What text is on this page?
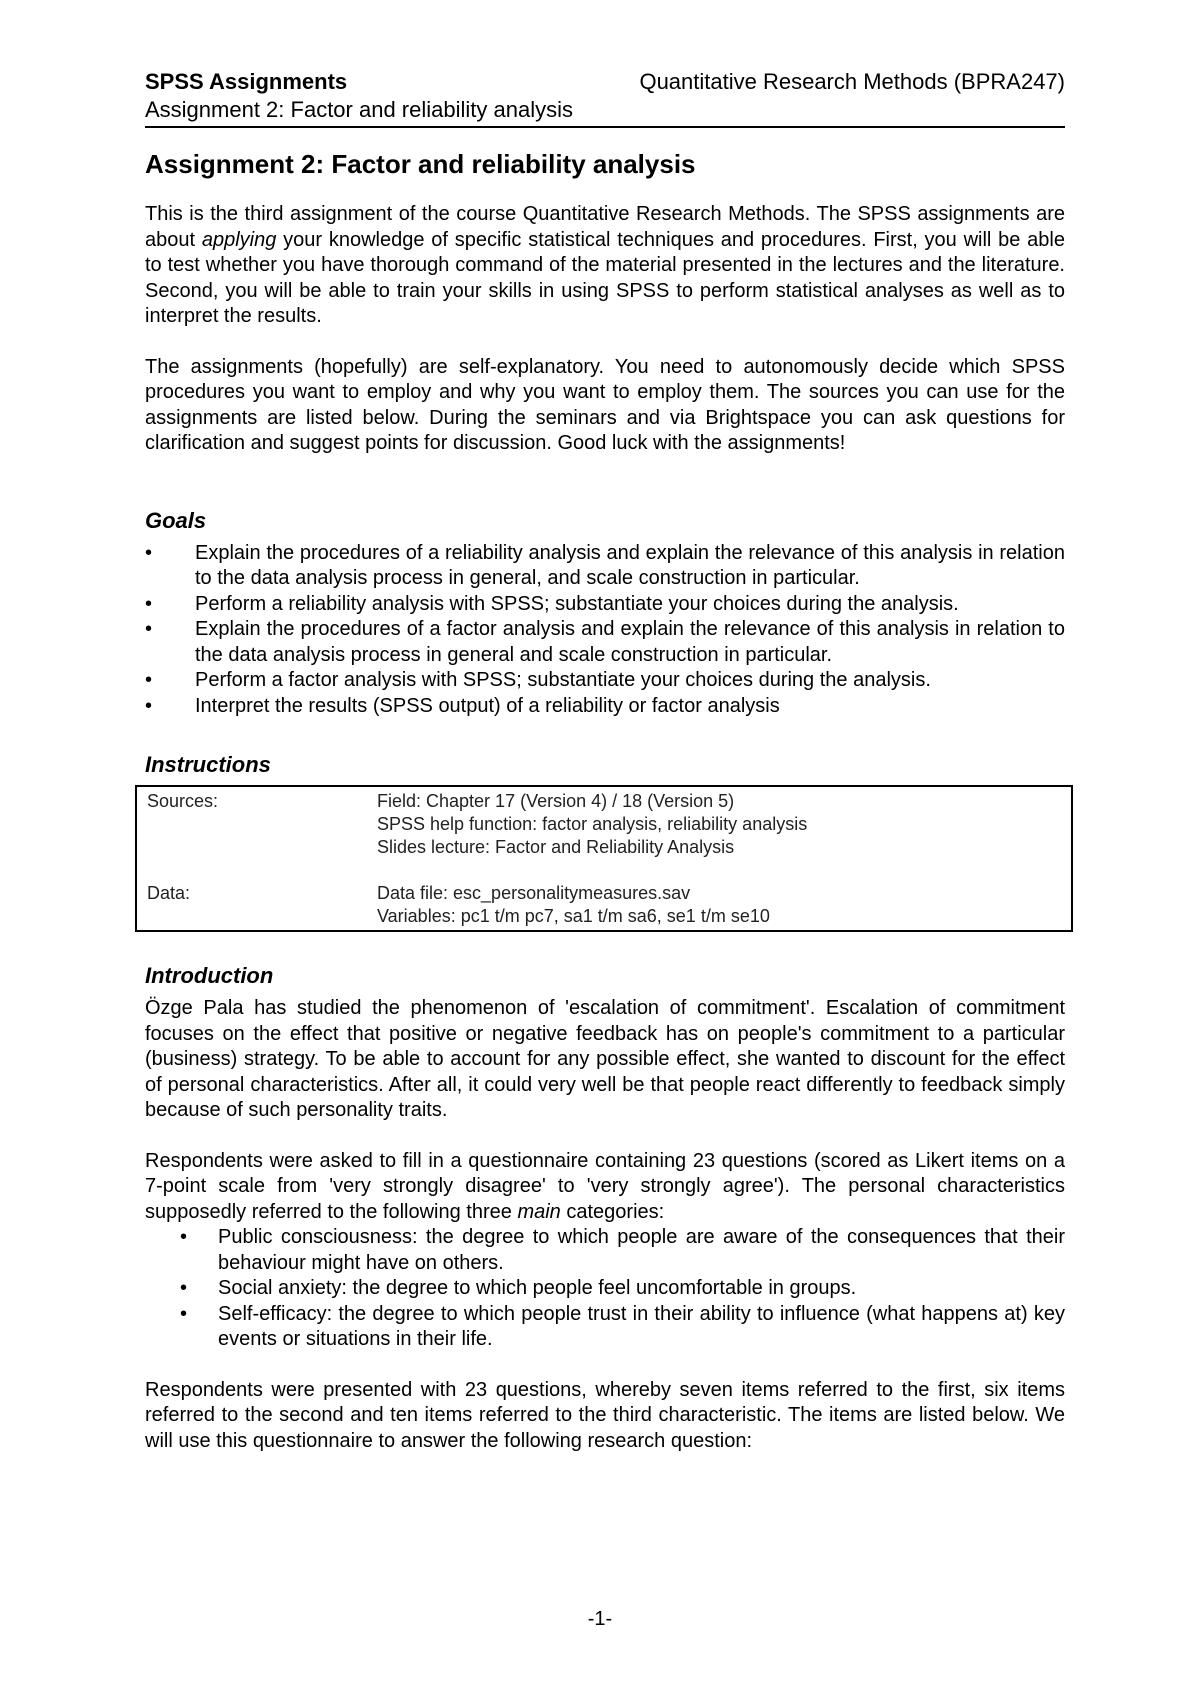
SPSS Assignments	Quantitative Research Methods (BPRA247)
Assignment 2: Factor and reliability analysis
Assignment 2: Factor and reliability analysis

This is the third assignment of the course Quantitative Research Methods. The SPSS assignments are about applying your knowledge of specific statistical techniques and procedures. First, you will be able to test whether you have thorough command of the material presented in the lectures and the literature. Second, you will be able to train your skills in using SPSS to perform statistical analyses as well as to interpret the results.

The assignments (hopefully) are self-explanatory. You need to autonomously decide which SPSS procedures you want to employ and why you want to employ them. The sources you can use for the assignments are listed below. During the seminars and via Brightspace you can ask questions for clarification and suggest points for discussion. Good luck with the assignments!

Goals
• Explain the procedures of a reliability analysis and explain the relevance of this analysis in relation to the data analysis process in general, and scale construction in particular.
• Perform a reliability analysis with SPSS; substantiate your choices during the analysis.
• Explain the procedures of a factor analysis and explain the relevance of this analysis in relation to the data analysis process in general and scale construction in particular.
• Perform a factor analysis with SPSS; substantiate your choices during the analysis.
• Interpret the results (SPSS output) of a reliability or factor analysis
Instructions
Sources:	Field: Chapter 17 (Version 4) / 18 (Version 5)
SPSS help function: factor analysis, reliability analysis
Slides lecture: Factor and Reliability Analysis

Data:	Data file: esc_personalitymeasures.sav
Variables: pc1 t/m pc7, sa1 t/m sa6, se1 t/m se10
Introduction

Özge Pala has studied the phenomenon of 'escalation of commitment'. Escalation of commitment focuses on the effect that positive or negative feedback has on people's commitment to a particular (business) strategy. To be able to account for any possible effect, she wanted to discount for the effect of personal characteristics. After all, it could very well be that people react differently to feedback simply because of such personality traits.

Respondents were asked to fill in a questionnaire containing 23 questions (scored as Likert items on a 7-point scale from 'very strongly disagree' to 'very strongly agree'). The personal characteristics supposedly referred to the following three main categories:

• Public consciousness: the degree to which people are aware of the consequences that their behaviour might have on others.
• Social anxiety: the degree to which people feel uncomfortable in groups.
• Self-efficacy: the degree to which people trust in their ability to influence (what happens at) key events or situations in their life.

Respondents were presented with 23 questions, whereby seven items referred to the first, six items referred to the second and ten items referred to the third characteristic. The items are listed below. We will use this questionnaire to answer the following research question:

-1-
